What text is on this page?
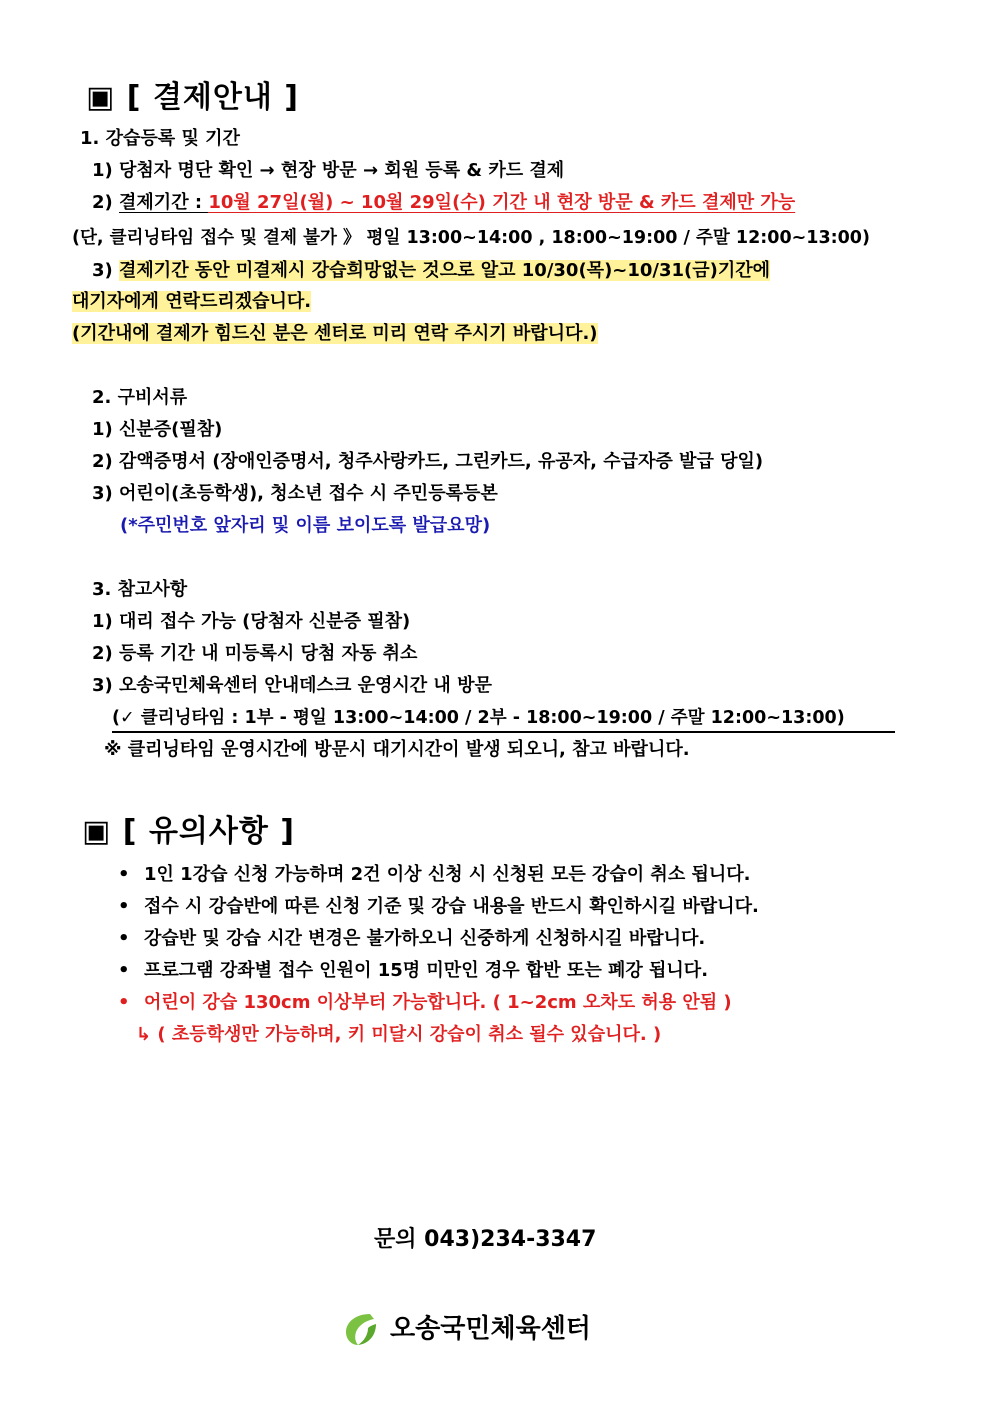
▣ [ 결제안내 ]
1. 강습등록 및 기간
1) 당첨자 명단 확인 → 현장 방문 → 회원 등록 & 카드 결제
2) 결제기간 : 10월 27일(월) ~ 10월 29일(수) 기간 내 현장 방문 & 카드 결제만 가능
(단, 클리닝타임 접수 및 결제 불가 》 평일 13:00~14:00 , 18:00~19:00 / 주말 12:00~13:00)
3) 결제기간 동안 미결제시 강습희망없는 것으로 알고 10/30(목)~10/31(금)기간에
대기자에게 연락드리겠습니다.
(기간내에 결제가 힘드신 분은 센터로 미리 연락 주시기 바랍니다.)
2. 구비서류
1) 신분증(필참)
2) 감액증명서 (장애인증명서, 청주사랑카드, 그린카드, 유공자, 수급자증 발급 당일)
3) 어린이(초등학생), 청소년 접수 시 주민등록등본
(*주민번호 앞자리 및 이름 보이도록 발급요망)
3. 참고사항
1) 대리 접수 가능 (당첨자 신분증 필참)
2) 등록 기간 내 미등록시 당첨 자동 취소
3) 오송국민체육센터 안내데스크 운영시간 내 방문
(✓ 클리닝타임 : 1부 - 평일 13:00~14:00 / 2부 - 18:00~19:00 / 주말 12:00~13:00)
※ 클리닝타임 운영시간에 방문시 대기시간이 발생 되오니, 참고 바랍니다.
▣ [ 유의사항 ]
• 1인 1강습 신청 가능하며 2건 이상 신청 시 신청된 모든 강습이 취소 됩니다.
• 접수 시 강습반에 따른 신청 기준 및 강습 내용을 반드시 확인하시길 바랍니다.
• 강습반 및 강습 시간 변경은 불가하오니 신중하게 신청하시길 바랍니다.
• 프로그램 강좌별 접수 인원이 15명 미만인 경우 합반 또는 폐강 됩니다.
• 어린이 강습 130cm 이상부터 가능합니다. ( 1~2cm 오차도 허용 안됨 )
↳ ( 초등학생만 가능하며, 키 미달시 강습이 취소 될수 있습니다. )
문의 043)234-3347
오송국민체육센터
